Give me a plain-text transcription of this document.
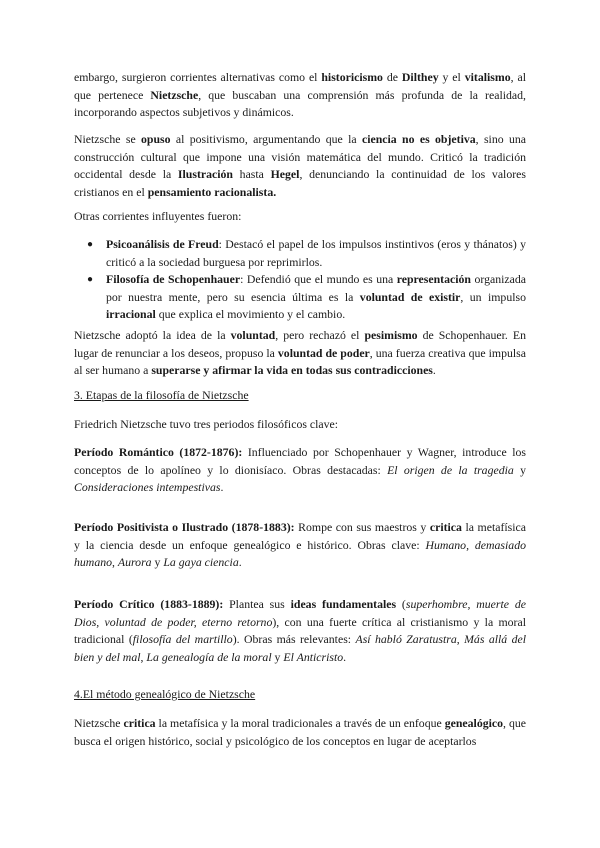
embargo, surgieron corrientes alternativas como el historicismo de Dilthey y el vitalismo, al que pertenece Nietzsche, que buscaban una comprensión más profunda de la realidad, incorporando aspectos subjetivos y dinámicos.

Nietzsche se opuso al positivismo, argumentando que la ciencia no es objetiva, sino una construcción cultural que impone una visión matemática del mundo. Criticó la tradición occidental desde la Ilustración hasta Hegel, denunciando la continuidad de los valores cristianos en el pensamiento racionalista.

Otras corrientes influyentes fueron:

● Psicoanálisis de Freud: Destacó el papel de los impulsos instintivos (eros y thánatos) y criticó a la sociedad burguesa por reprimirlos.
● Filosofía de Schopenhauer: Defendió que el mundo es una representación organizada por nuestra mente, pero su esencia última es la voluntad de existir, un impulso irracional que explica el movimiento y el cambio.

Nietzsche adoptó la idea de la voluntad, pero rechazó el pesimismo de Schopenhauer. En lugar de renunciar a los deseos, propuso la voluntad de poder, una fuerza creativa que impulsa al ser humano a superarse y afirmar la vida en todas sus contradicciones.

3. Etapas de la filosofía de Nietzsche

Friedrich Nietzsche tuvo tres periodos filosóficos clave:

Período Romántico (1872-1876): Influenciado por Schopenhauer y Wagner, introduce los conceptos de lo apolíneo y lo dionisíaco. Obras destacadas: El origen de la tragedia y Consideraciones intempestivas.

Período Positivista o Ilustrado (1878-1883): Rompe con sus maestros y critica la metafísica y la ciencia desde un enfoque genealógico e histórico. Obras clave: Humano, demasiado humano, Aurora y La gaya ciencia.

Período Crítico (1883-1889): Plantea sus ideas fundamentales (superhombre, muerte de Dios, voluntad de poder, eterno retorno), con una fuerte crítica al cristianismo y la moral tradicional (filosofía del martillo). Obras más relevantes: Así habló Zaratustra, Más allá del bien y del mal, La genealogía de la moral y El Anticristo.

4.El método genealógico de Nietzsche

Nietzsche critica la metafísica y la moral tradicionales a través de un enfoque genealógico, que busca el origen histórico, social y psicológico de los conceptos en lugar de aceptarlos
